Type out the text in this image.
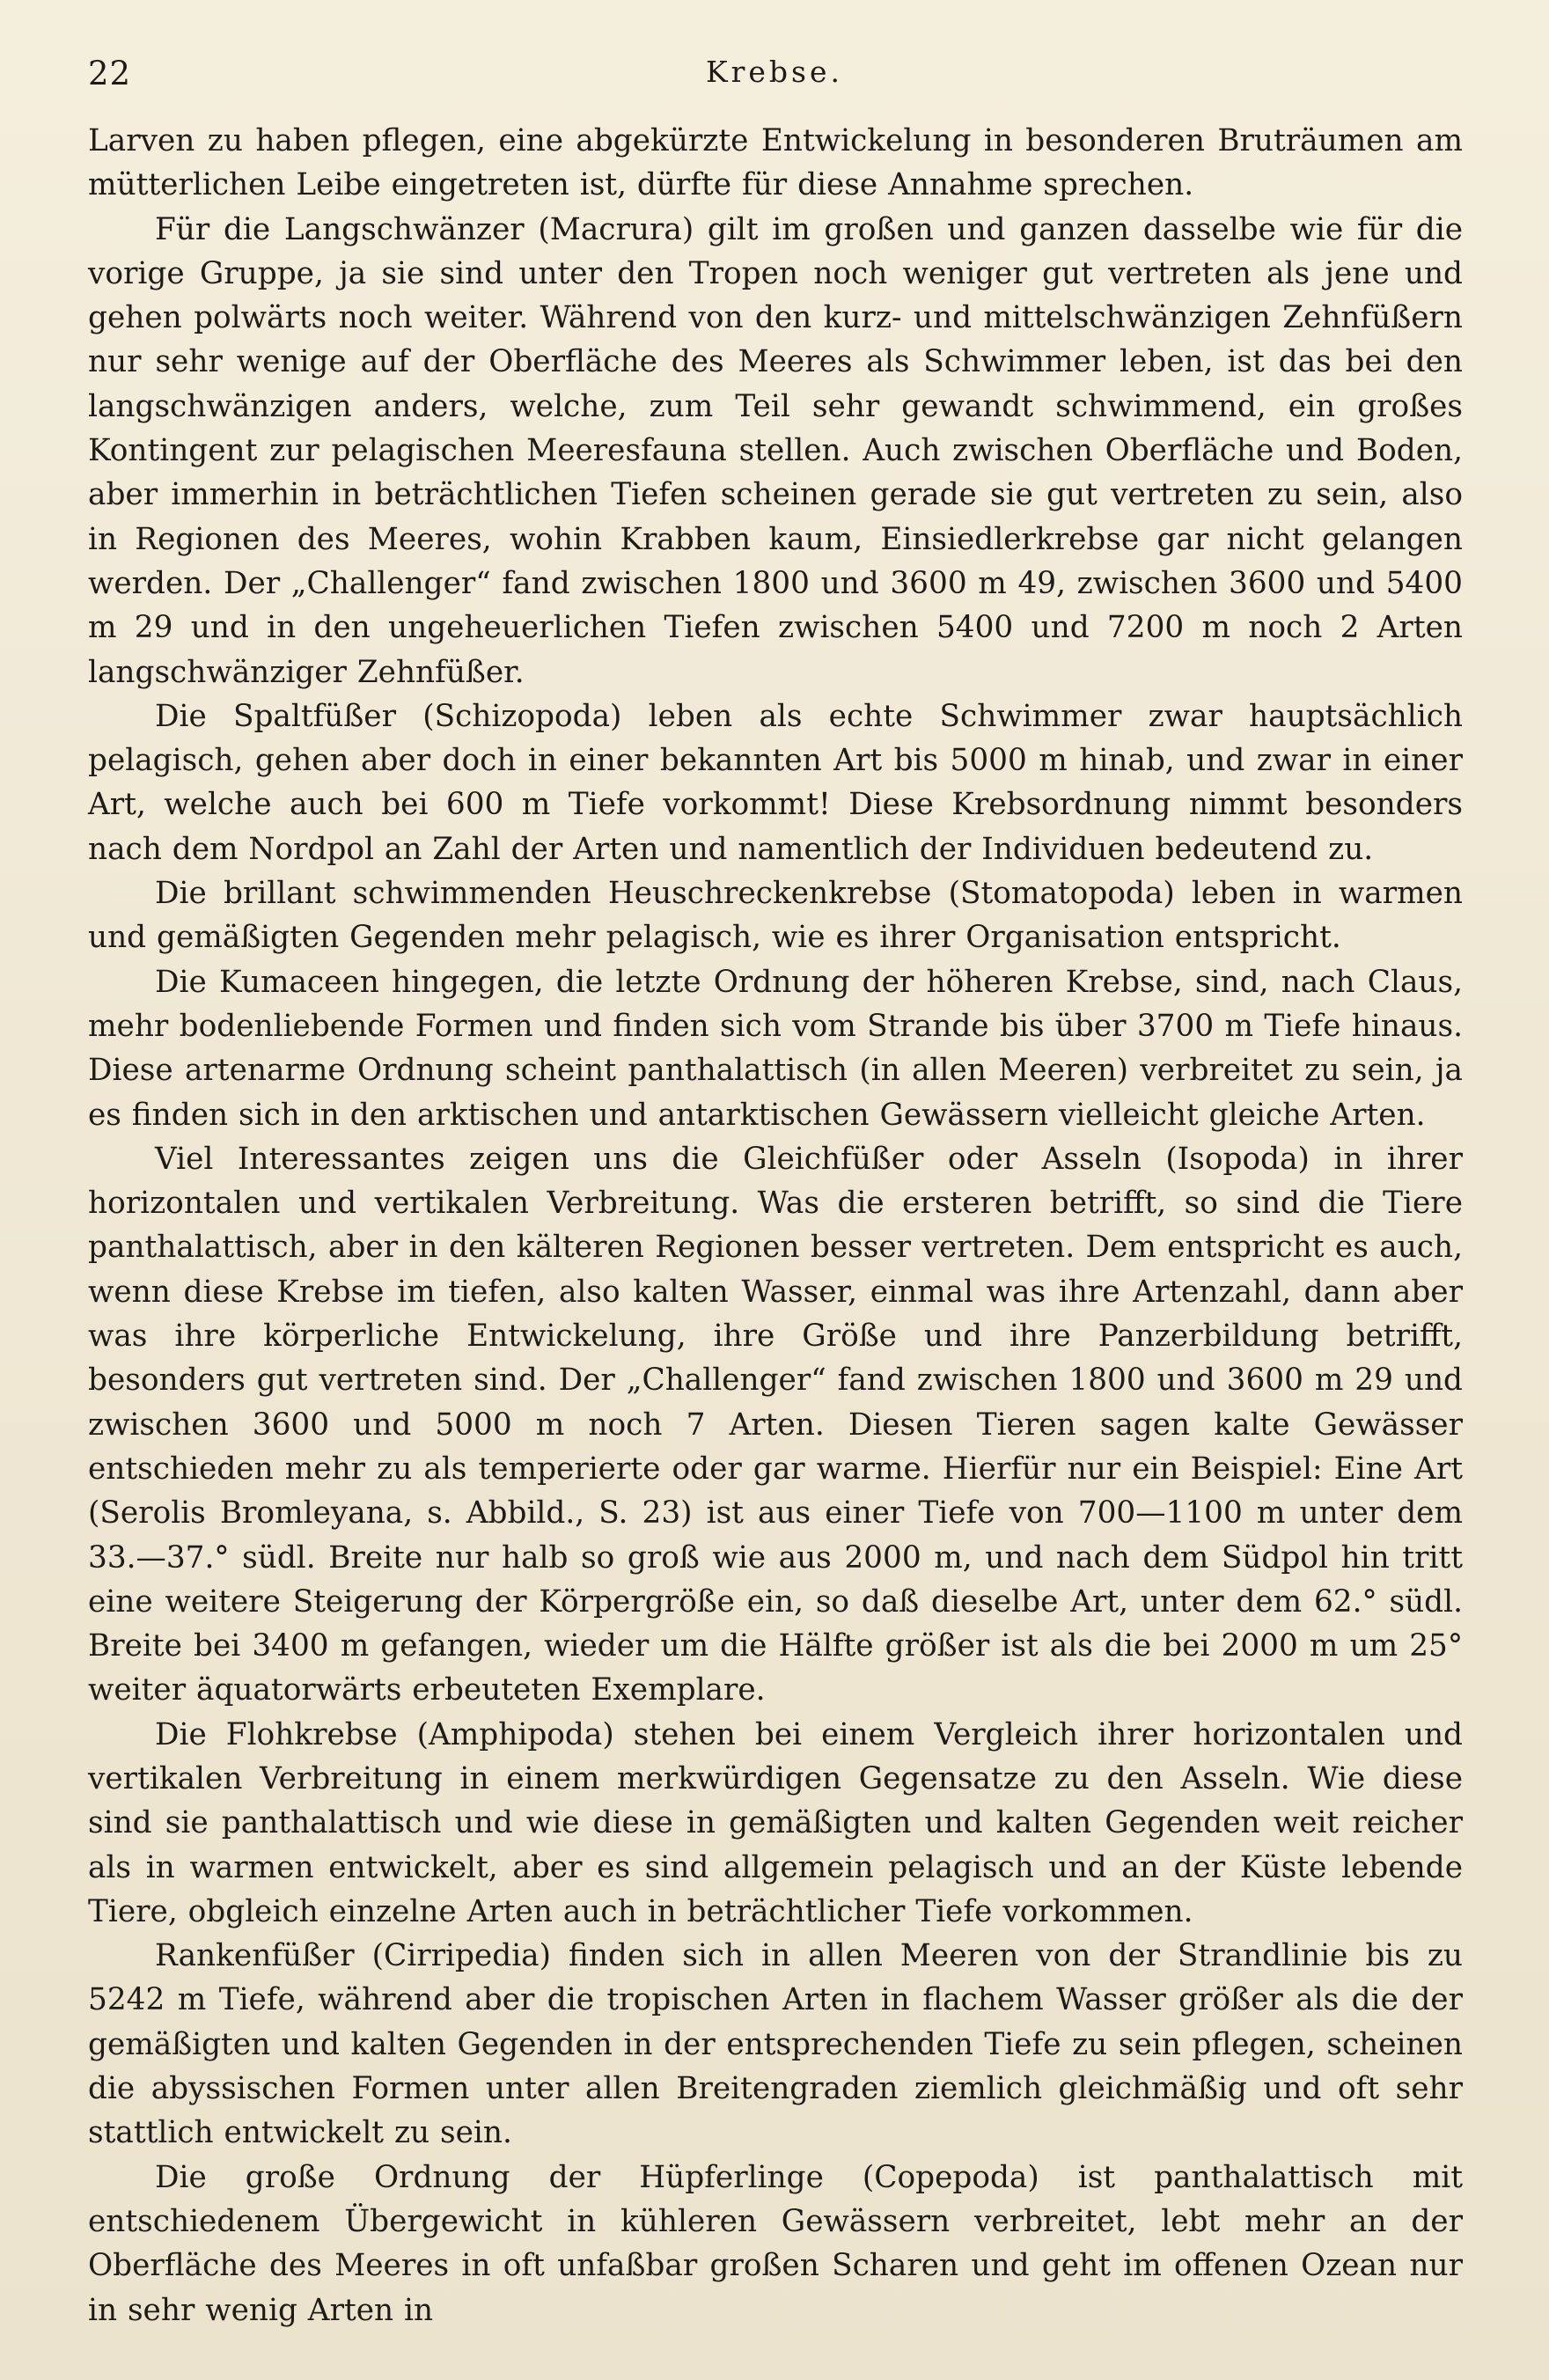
22	Krebse.

Larven zu haben pflegen, eine abgekürzte Entwickelung in besonderen Bruträumen am mütterlichen Leibe eingetreten ist, dürfte für diese Annahme sprechen.

Für die Langschwänzer (Macrura) gilt im großen und ganzen dasselbe wie für die vorige Gruppe, ja sie sind unter den Tropen noch weniger gut vertreten als jene und gehen polwärts noch weiter. Während von den kurz- und mittelschwänzigen Zehnfüßern nur sehr wenige auf der Oberfläche des Meeres als Schwimmer leben, ist das bei den langschwänzigen anders, welche, zum Teil sehr gewandt schwimmend, ein großes Kontingent zur pelagischen Meeresfauna stellen. Auch zwischen Oberfläche und Boden, aber immerhin in beträchtlichen Tiefen scheinen gerade sie gut vertreten zu sein, also in Regionen des Meeres, wohin Krabben kaum, Einsiedlerkrebse gar nicht gelangen werden. Der „Challenger“ fand zwischen 1800 und 3600 m 49, zwischen 3600 und 5400 m 29 und in den ungeheuerlichen Tiefen zwischen 5400 und 7200 m noch 2 Arten langschwänziger Zehnfüßer.

Die Spaltfüßer (Schizopoda) leben als echte Schwimmer zwar hauptsächlich pelagisch, gehen aber doch in einer bekannten Art bis 5000 m hinab, und zwar in einer Art, welche auch bei 600 m Tiefe vorkommt! Diese Krebsordnung nimmt besonders nach dem Nordpol an Zahl der Arten und namentlich der Individuen bedeutend zu.

Die brillant schwimmenden Heuschreckenkrebse (Stomatopoda) leben in warmen und gemäßigten Gegenden mehr pelagisch, wie es ihrer Organisation entspricht.

Die Kumaceen hingegen, die letzte Ordnung der höheren Krebse, sind, nach Claus, mehr bodenliebende Formen und finden sich vom Strande bis über 3700 m Tiefe hinaus. Diese artenarme Ordnung scheint panthalattisch (in allen Meeren) verbreitet zu sein, ja es finden sich in den arktischen und antarktischen Gewässern vielleicht gleiche Arten.

Viel Interessantes zeigen uns die Gleichfüßer oder Asseln (Isopoda) in ihrer horizontalen und vertikalen Verbreitung. Was die ersteren betrifft, so sind die Tiere panthalattisch, aber in den kälteren Regionen besser vertreten. Dem entspricht es auch, wenn diese Krebse im tiefen, also kalten Wasser, einmal was ihre Artenzahl, dann aber was ihre körperliche Entwickelung, ihre Größe und ihre Panzerbildung betrifft, besonders gut vertreten sind. Der „Challenger“ fand zwischen 1800 und 3600 m 29 und zwischen 3600 und 5000 m noch 7 Arten. Diesen Tieren sagen kalte Gewässer entschieden mehr zu als temperierte oder gar warme. Hierfür nur ein Beispiel: Eine Art (Serolis Bromleyana, s. Abbild., S. 23) ist aus einer Tiefe von 700—1100 m unter dem 33.—37.° südl. Breite nur halb so groß wie aus 2000 m, und nach dem Südpol hin tritt eine weitere Steigerung der Körpergröße ein, so daß dieselbe Art, unter dem 62.° südl. Breite bei 3400 m gefangen, wieder um die Hälfte größer ist als die bei 2000 m um 25° weiter äquatorwärts erbeuteten Exemplare.

Die Flohkrebse (Amphipoda) stehen bei einem Vergleich ihrer horizontalen und vertikalen Verbreitung in einem merkwürdigen Gegensatze zu den Asseln. Wie diese sind sie panthalattisch und wie diese in gemäßigten und kalten Gegenden weit reicher als in warmen entwickelt, aber es sind allgemein pelagisch und an der Küste lebende Tiere, obgleich einzelne Arten auch in beträchtlicher Tiefe vorkommen.

Rankenfüßer (Cirripedia) finden sich in allen Meeren von der Strandlinie bis zu 5242 m Tiefe, während aber die tropischen Arten in flachem Wasser größer als die der gemäßigten und kalten Gegenden in der entsprechenden Tiefe zu sein pflegen, scheinen die abyssischen Formen unter allen Breitengraden ziemlich gleichmäßig und oft sehr stattlich entwickelt zu sein.

Die große Ordnung der Hüpferlinge (Copepoda) ist panthalattisch mit entschiedenem Übergewicht in kühleren Gewässern verbreitet, lebt mehr an der Oberfläche des Meeres in oft unfaßbar großen Scharen und geht im offenen Ozean nur in sehr wenig Arten in
